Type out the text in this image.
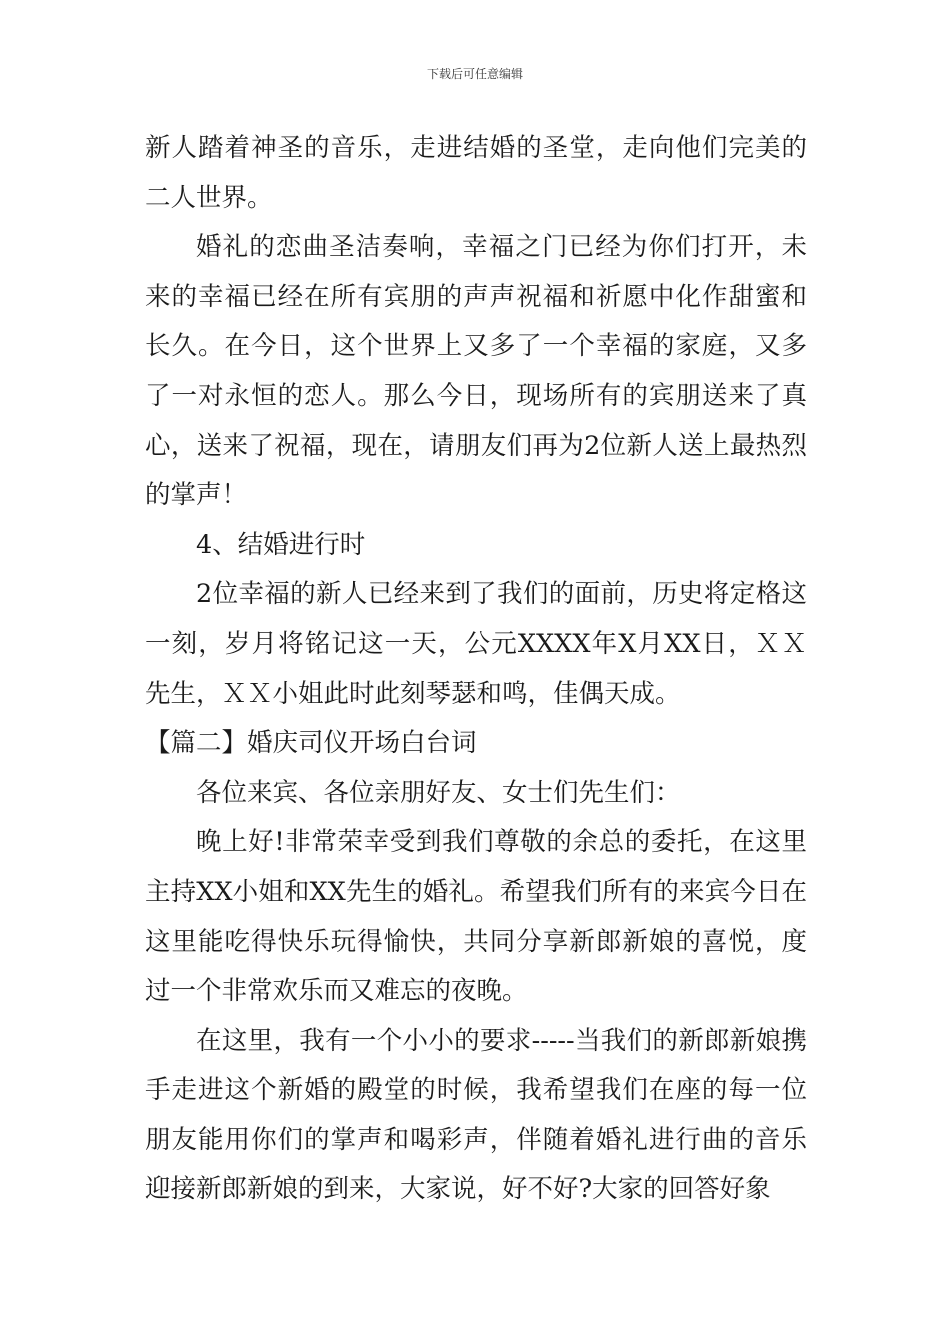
下载后可任意编辑

新人踏着神圣的音乐，走进结婚的圣堂，走向他们完美的二人世界。

婚礼的恋曲圣洁奏响，幸福之门已经为你们打开，未来的幸福已经在所有宾朋的声声祝福和祈愿中化作甜蜜和长久。在今日，这个世界上又多了一个幸福的家庭，又多了一对永恒的恋人。那么今日，现场所有的宾朋送来了真心，送来了祝福，现在，请朋友们再为2位新人送上最热烈的掌声！

4、结婚进行时

2位幸福的新人已经来到了我们的面前，历史将定格这一刻，岁月将铭记这一天，公元XXXX年X月XX日，ＸＸ先生，ＸＸ小姐此时此刻琴瑟和鸣，佳偶天成。

【篇二】婚庆司仪开场白台词

各位来宾、各位亲朋好友、女士们先生们：

晚上好!非常荣幸受到我们尊敬的余总的委托，在这里主持XX小姐和XX先生的婚礼。希望我们所有的来宾今日在这里能吃得快乐玩得愉快，共同分享新郎新娘的喜悦，度过一个非常欢乐而又难忘的夜晚。

在这里，我有一个小小的要求-----当我们的新郎新娘携手走进这个新婚的殿堂的时候，我希望我们在座的每一位朋友能用你们的掌声和喝彩声，伴随着婚礼进行曲的音乐迎接新郎新娘的到来，大家说，好不好?大家的回答好象
